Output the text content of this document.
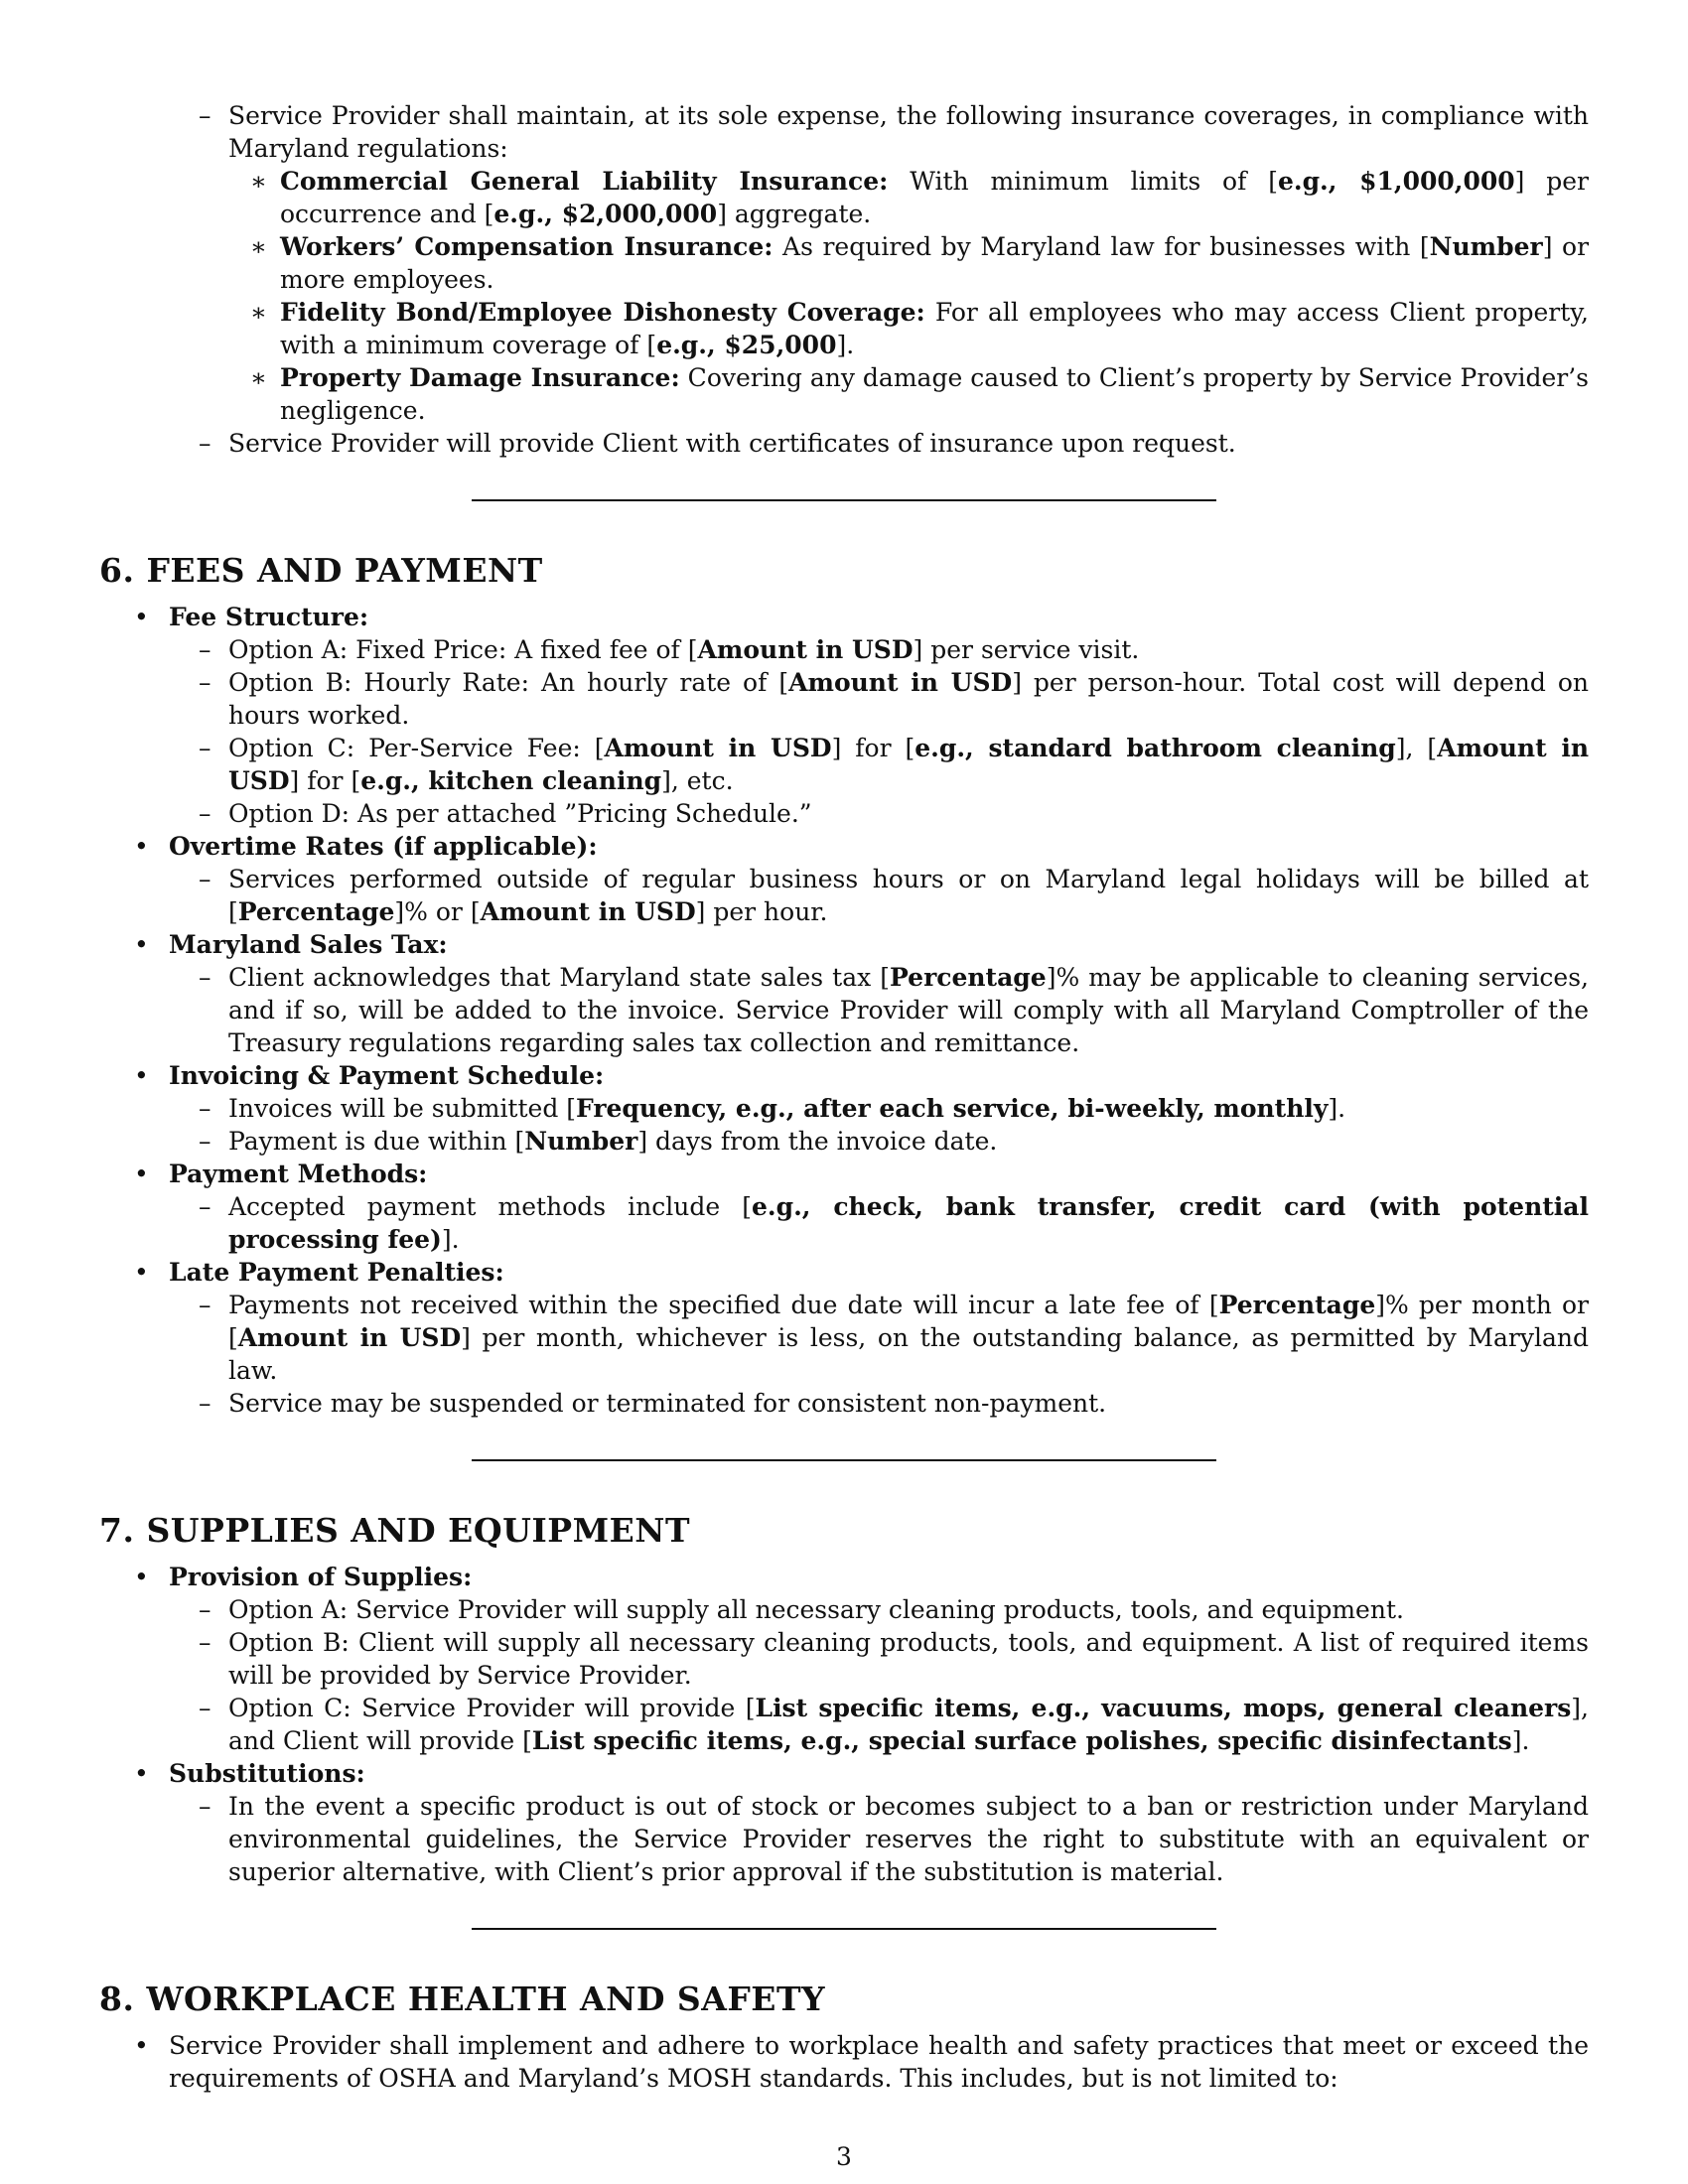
– Service Provider shall maintain, at its sole expense, the following insurance coverages, in compliance with Maryland regulations:
∗ Commercial General Liability Insurance: With minimum limits of [e.g., $1,000,000] per occurrence and [e.g., $2,000,000] aggregate.
∗ Workers’ Compensation Insurance: As required by Maryland law for businesses with [Number] or more employees.
∗ Fidelity Bond/Employee Dishonesty Coverage: For all employees who may access Client property, with a minimum coverage of [e.g., $25,000].
∗ Property Damage Insurance: Covering any damage caused to Client’s property by Service Provider’s negligence.
– Service Provider will provide Client with certificates of insurance upon request.
6. FEES AND PAYMENT
• Fee Structure:
– Option A: Fixed Price: A fixed fee of [Amount in USD] per service visit.
– Option B: Hourly Rate: An hourly rate of [Amount in USD] per person-hour. Total cost will depend on hours worked.
– Option C: Per-Service Fee: [Amount in USD] for [e.g., standard bathroom cleaning], [Amount in USD] for [e.g., kitchen cleaning], etc.
– Option D: As per attached ”Pricing Schedule.”
• Overtime Rates (if applicable):
– Services performed outside of regular business hours or on Maryland legal holidays will be billed at [Percentage]% or [Amount in USD] per hour.
• Maryland Sales Tax:
– Client acknowledges that Maryland state sales tax [Percentage]% may be applicable to cleaning services, and if so, will be added to the invoice. Service Provider will comply with all Maryland Comptroller of the Treasury regulations regarding sales tax collection and remittance.
• Invoicing & Payment Schedule:
– Invoices will be submitted [Frequency, e.g., after each service, bi-weekly, monthly].
– Payment is due within [Number] days from the invoice date.
• Payment Methods:
– Accepted payment methods include [e.g., check, bank transfer, credit card (with potential processing fee)].
• Late Payment Penalties:
– Payments not received within the specified due date will incur a late fee of [Percentage]% per month or [Amount in USD] per month, whichever is less, on the outstanding balance, as permitted by Maryland law.
– Service may be suspended or terminated for consistent non-payment.
7. SUPPLIES AND EQUIPMENT
• Provision of Supplies:
– Option A: Service Provider will supply all necessary cleaning products, tools, and equipment.
– Option B: Client will supply all necessary cleaning products, tools, and equipment. A list of required items will be provided by Service Provider.
– Option C: Service Provider will provide [List specific items, e.g., vacuums, mops, general cleaners], and Client will provide [List specific items, e.g., special surface polishes, specific disinfectants].
• Substitutions:
– In the event a specific product is out of stock or becomes subject to a ban or restriction under Maryland environmental guidelines, the Service Provider reserves the right to substitute with an equivalent or superior alternative, with Client’s prior approval if the substitution is material.
8. WORKPLACE HEALTH AND SAFETY
• Service Provider shall implement and adhere to workplace health and safety practices that meet or exceed the requirements of OSHA and Maryland’s MOSH standards. This includes, but is not limited to:
3
